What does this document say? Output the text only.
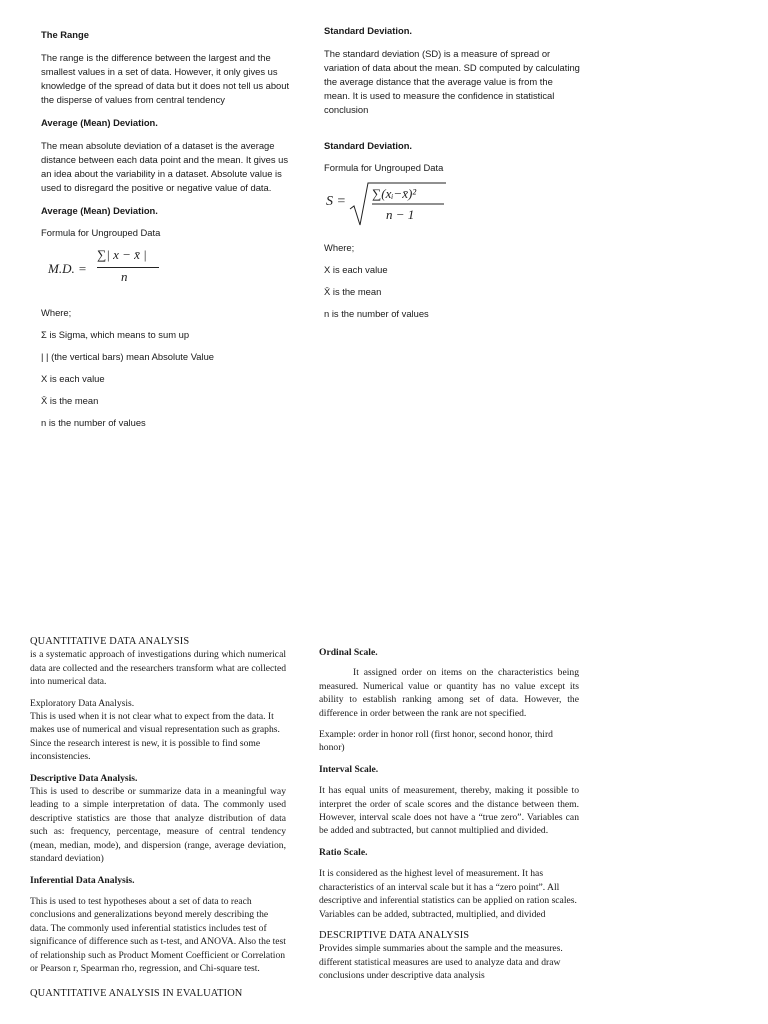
The Range

The range is the difference between the largest and the smallest values in a set of data. However, it only gives us knowledge of the spread of data but it does not tell us about the disperse of values from central tendency

Average (Mean) Deviation.

The mean absolute deviation of a dataset is the average distance between each data point and the mean. It gives us an idea about the variability in a dataset. Absolute value is used to disregard the positive or negative value of data.

Average (Mean) Deviation.

Formula for Ungrouped Data

M.D. =
∑| x − x̄ |
n

Where;

Σ is Sigma, which means to sum up

| | (the vertical bars) mean Absolute Value

X is each value

X̄ is the mean

n is the number of values

Standard Deviation.

The standard deviation (SD) is a measure of spread or variation of data about the mean. SD computed by calculating the average distance that the average value is from the mean. It is used to measure the confidence in statistical conclusion

Standard Deviation.

Formula for Ungrouped Data

S =
∑(xᵢ−x̄)²
n − 1

Where;

X is each value

X̄ is the mean

n is the number of values

QUANTITATIVE DATA ANALYSIS

is a systematic approach of investigations during which numerical data are collected and the researchers transform what are collected into numerical data.

Exploratory Data Analysis.

This is used when it is not clear what to expect from the data. It makes use of numerical and visual representation such as graphs. Since the research interest is new, it is possible to find some inconsistencies.

Descriptive Data Analysis.

This is used to describe or summarize data in a meaningful way leading to a simple interpretation of data. The commonly used descriptive statistics are those that analyze distribution of data such as: frequency, percentage, measure of central tendency (mean, median, mode), and dispersion (range, average deviation, standard deviation)

Inferential Data Analysis.

This is used to test hypotheses about a set of data to reach conclusions and generalizations beyond merely describing the data. The commonly used inferential statistics includes test of significance of difference such as t-test, and ANOVA. Also the test of relationship such as Product Moment Coefficient or Correlation or Pearson r, Spearman rho, regression, and Chi-square test.

QUANTITATIVE ANALYSIS IN EVALUATION

Ordinal Scale.

It assigned order on items on the characteristics being measured. Numerical value or quantity has no value except its ability to establish ranking among set of data. However, the difference in order between the rank are not specified.

Example: order in honor roll (first honor, second honor, third honor)

Interval Scale.

It has equal units of measurement, thereby, making it possible to interpret the order of scale scores and the distance between them. However, interval scale does not have a “true zero”. Variables can be added and subtracted, but cannot multiplied and divided.

Ratio Scale.

It is considered as the highest level of measurement. It has characteristics of an interval scale but it has a “zero point”. All descriptive and inferential statistics can be applied on ration scales. Variables can be added, subtracted, multiplied, and divided

DESCRIPTIVE DATA ANALYSIS

Provides simple summaries about the sample and the measures. different statistical measures are used to analyze data and draw conclusions under descriptive data analysis
